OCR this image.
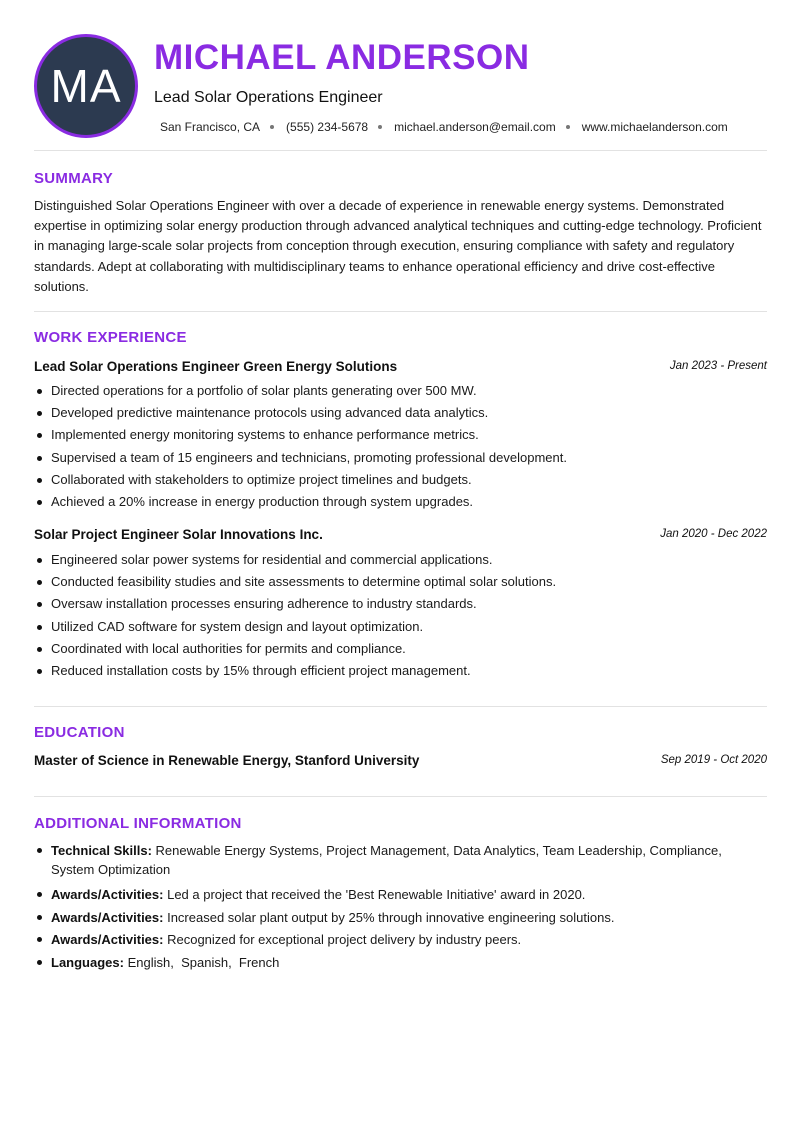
MA
MICHAEL ANDERSON
Lead Solar Operations Engineer
San Francisco, CA (555) 234-5678 michael.anderson@email.com www.michaelanderson.com
SUMMARY

Distinguished Solar Operations Engineer with over a decade of experience in renewable energy systems. Demonstrated expertise in optimizing solar energy production through advanced analytical techniques and cutting-edge technology. Proficient in managing large-scale solar projects from conception through execution, ensuring compliance with safety and regulatory standards. Adept at collaborating with multidisciplinary teams to enhance operational efficiency and drive cost-effective solutions.

WORK EXPERIENCE
Lead Solar Operations Engineer Green Energy Solutions	Jan 2023 - Present
Directed operations for a portfolio of solar plants generating over 500 MW.
Developed predictive maintenance protocols using advanced data analytics.
Implemented energy monitoring systems to enhance performance metrics.
Supervised a team of 15 engineers and technicians, promoting professional development.
Collaborated with stakeholders to optimize project timelines and budgets.
Achieved a 20% increase in energy production through system upgrades.
Solar Project Engineer Solar Innovations Inc.	Jan 2020 - Dec 2022
Engineered solar power systems for residential and commercial applications.
Conducted feasibility studies and site assessments to determine optimal solar solutions.
Oversaw installation processes ensuring adherence to industry standards.
Utilized CAD software for system design and layout optimization.
Coordinated with local authorities for permits and compliance.
Reduced installation costs by 15% through efficient project management.
EDUCATION
Master of Science in Renewable Energy, Stanford University	Sep 2019 - Oct 2020
ADDITIONAL INFORMATION
Technical Skills: Renewable Energy Systems, Project Management, Data Analytics, Team Leadership, Compliance, System Optimization
Awards/Activities: Led a project that received the 'Best Renewable Initiative' award in 2020.
Awards/Activities: Increased solar plant output by 25% through innovative engineering solutions.
Awards/Activities: Recognized for exceptional project delivery by industry peers.
Languages: English , Spanish , French
